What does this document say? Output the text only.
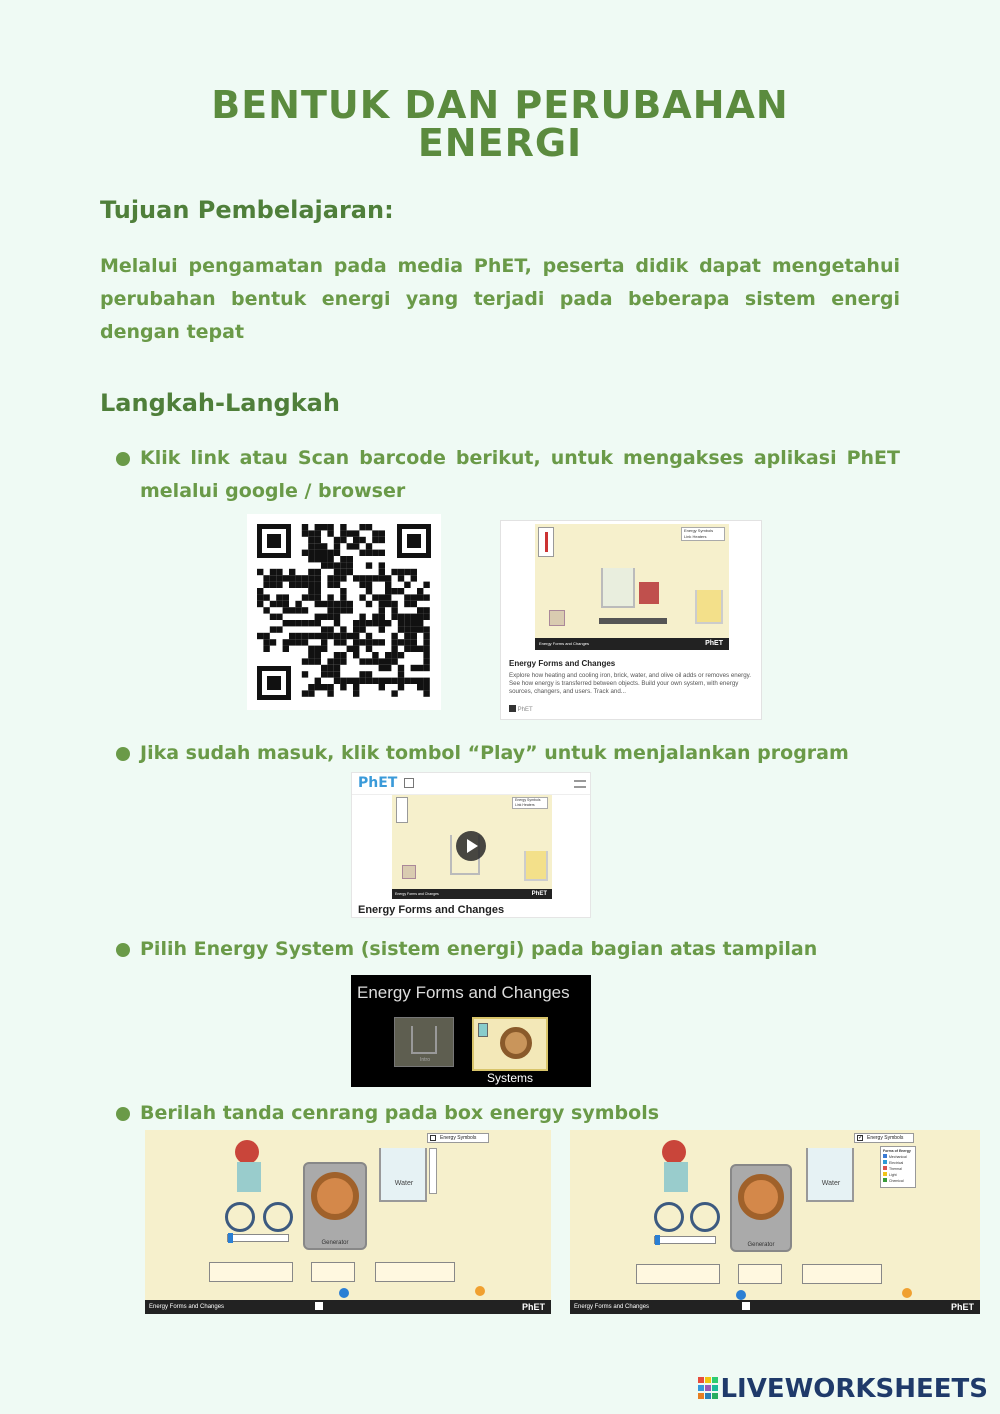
BENTUK DAN PERUBAHAN
ENERGI
Tujuan Pembelajaran:
Melalui pengamatan pada media PhET, peserta didik dapat mengetahui perubahan bentuk energi yang terjadi pada beberapa sistem energi dengan tepat
Langkah-Langkah
Klik link atau Scan barcode berikut, untuk mengakses aplikasi PhET melalui google / browser
Energy Symbols
Link Heaters
Energy Forms and Changes	PhET
Energy Forms and Changes
Explore how heating and cooling iron, brick, water, and olive oil adds or removes energy. See how energy is transferred between objects. Build your own system, with energy sources, changers, and users. Track and...
PhET
Jika sudah masuk, klik tombol “Play” untuk menjalankan program
PhET
Energy Symbols
Link Heaters
Energy Forms and Changes	PhET
Energy Forms and Changes
Pilih Energy System (sistem energi) pada bagian atas tampilan
Energy Forms and Changes
Intro
Systems
Berilah tanda cenrang pada box energy symbols
Energy Symbols
Generator
Water
Energy Forms and Changes	PhET
✓ Energy Symbols
Forms of Energy
Mechanical
Electrical
Thermal
Light
Chemical
Generator
Water
Energy Forms and Changes	PhET
LIVEWORKSHEETS
